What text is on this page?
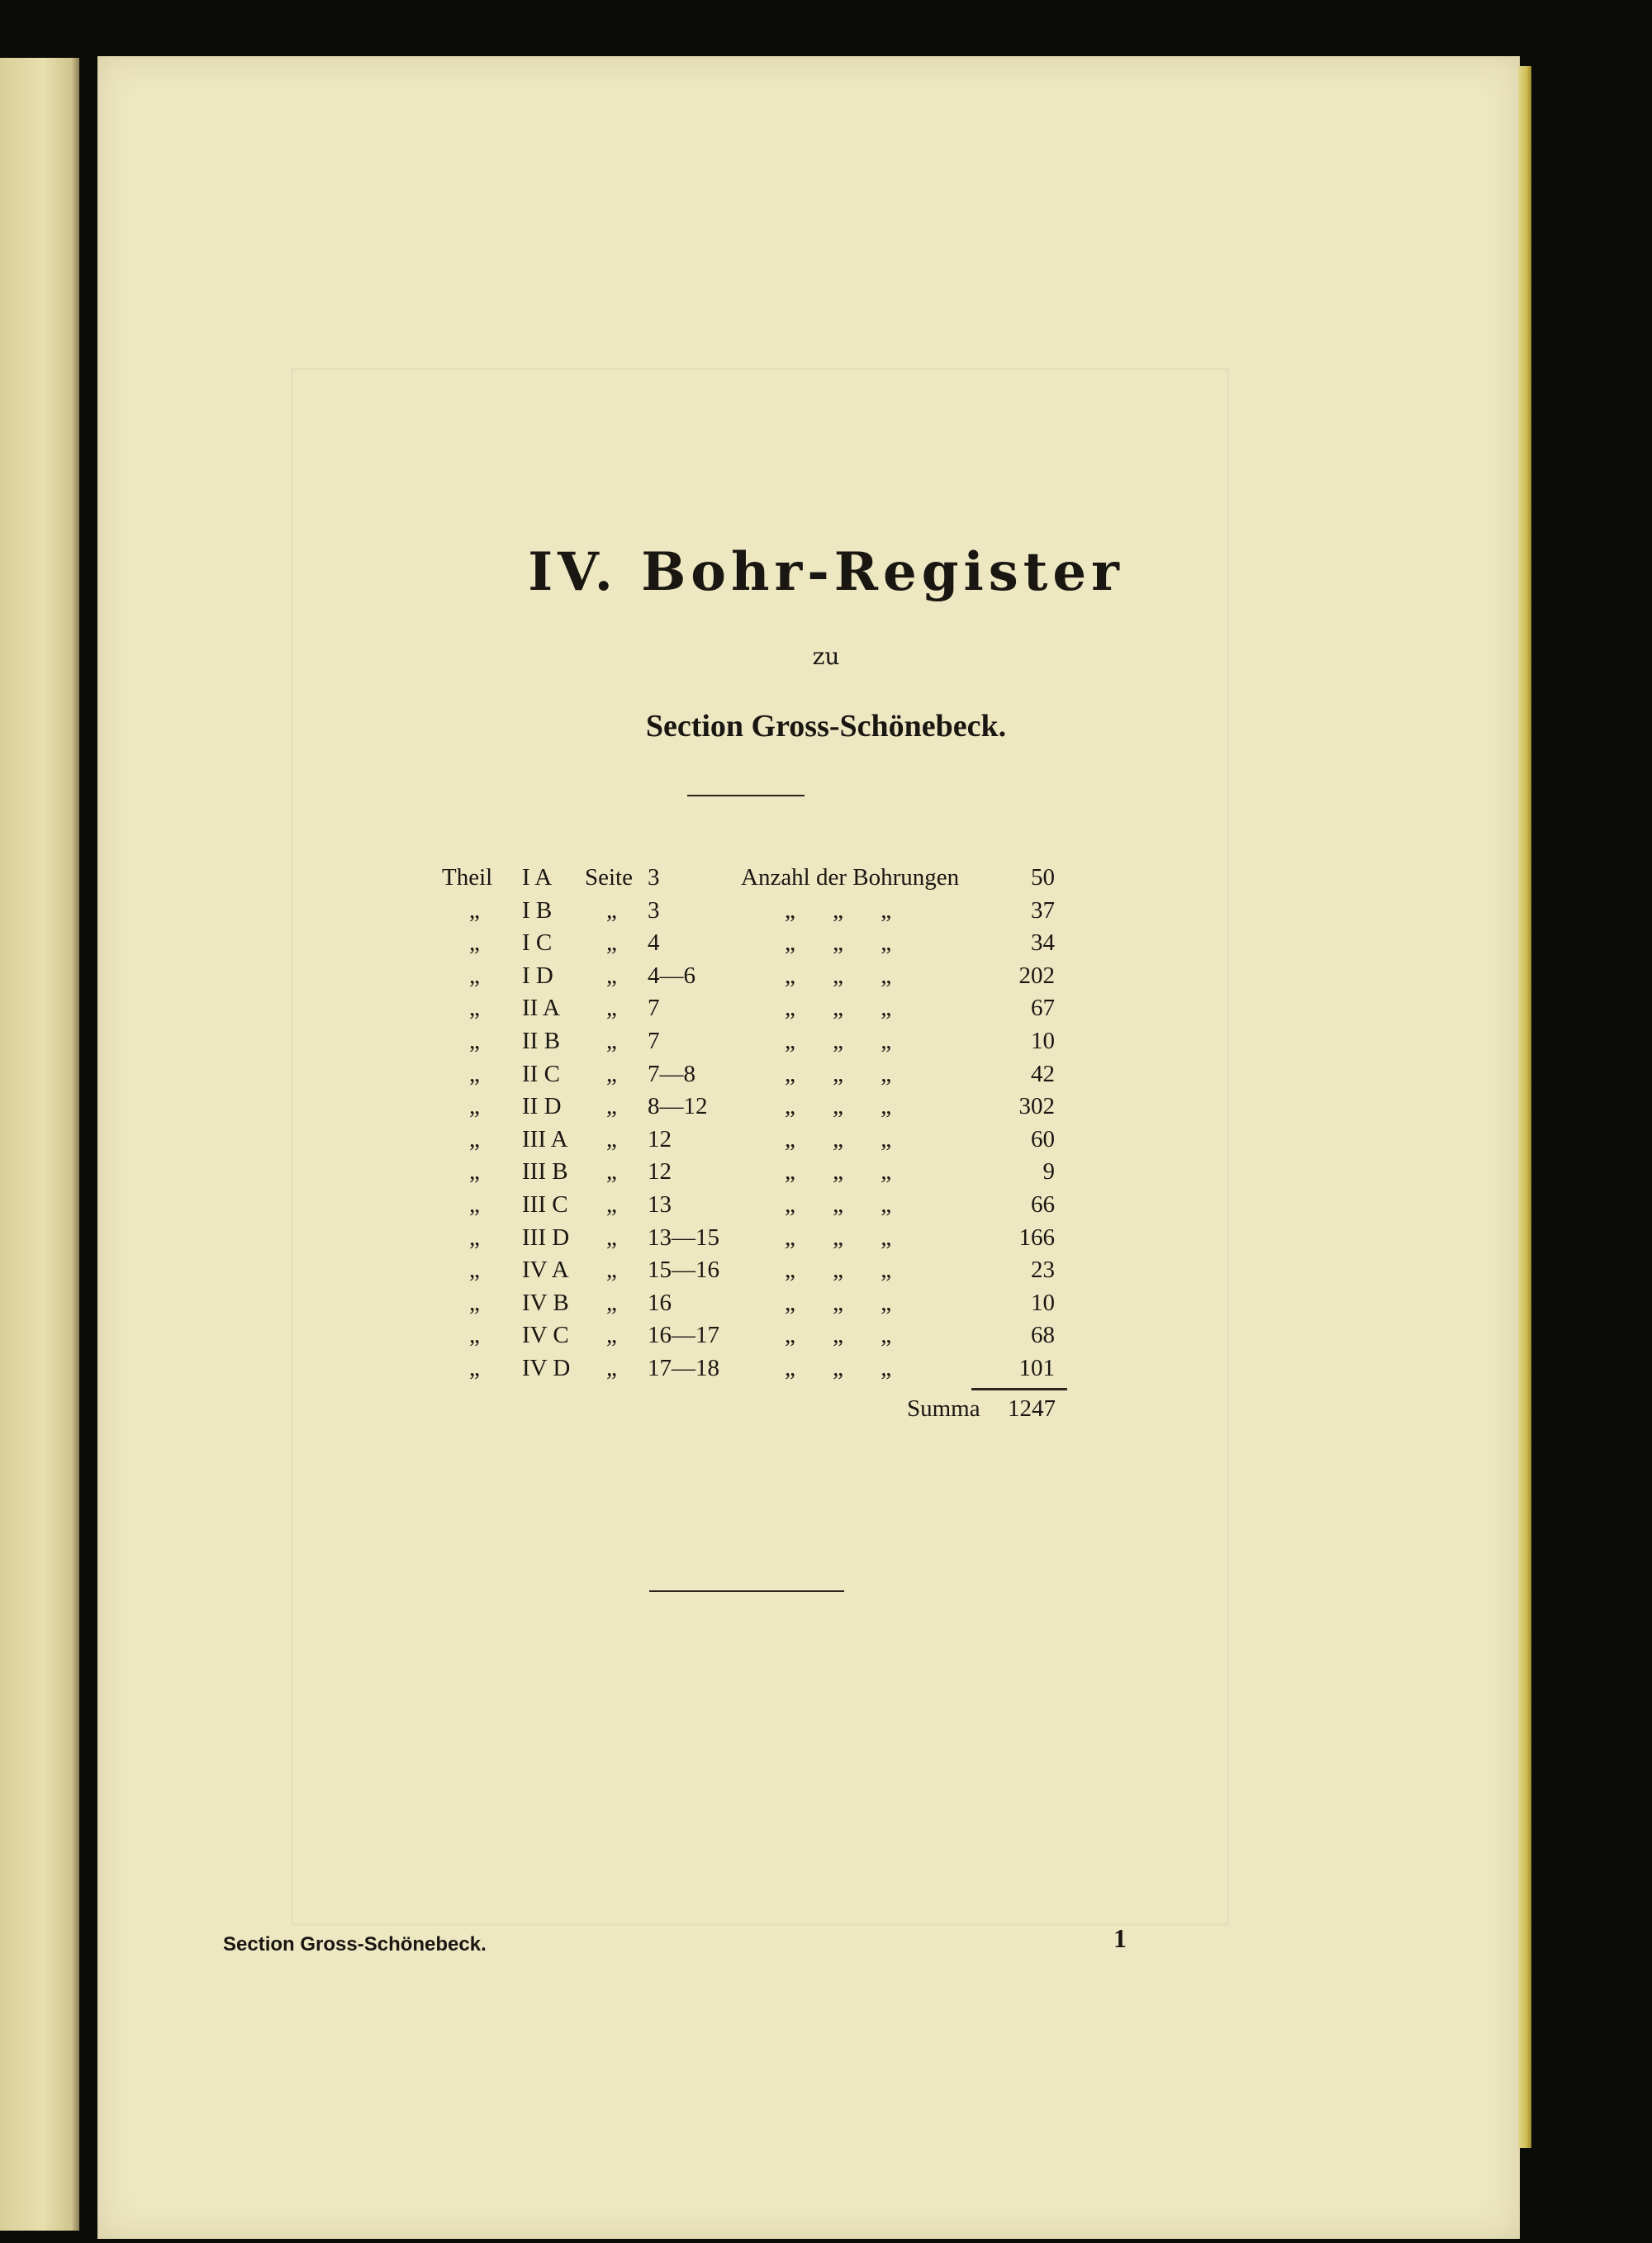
IV. Bohr-Register
zu
Section Gross-Schönebeck.
Theil I A Seite 3	Anzahl der Bohrungen	50
„ I B „ 3	„ „ „	37
„ I C „ 4	„ „ „	34
„ I D „ 4—6	„ „ „	202
„ II A „ 7	„ „ „	67
„ II B „ 7	„ „ „	10
„ II C „ 7—8	„ „ „	42
„ II D „ 8—12	„ „ „	302
„ III A „ 12	„ „ „	60
„ III B „ 12	„ „ „	9
„ III C „ 13	„ „ „	66
„ III D „ 13—15	„ „ „	166
„ IV A „ 15—16	„ „ „	23
„ IV B „ 16	„ „ „	10
„ IV C „ 16—17	„ „ „	68
„ IV D „ 17—18	„ „ „	101
Summa	1247
Section Gross-Schönebeck.	1
